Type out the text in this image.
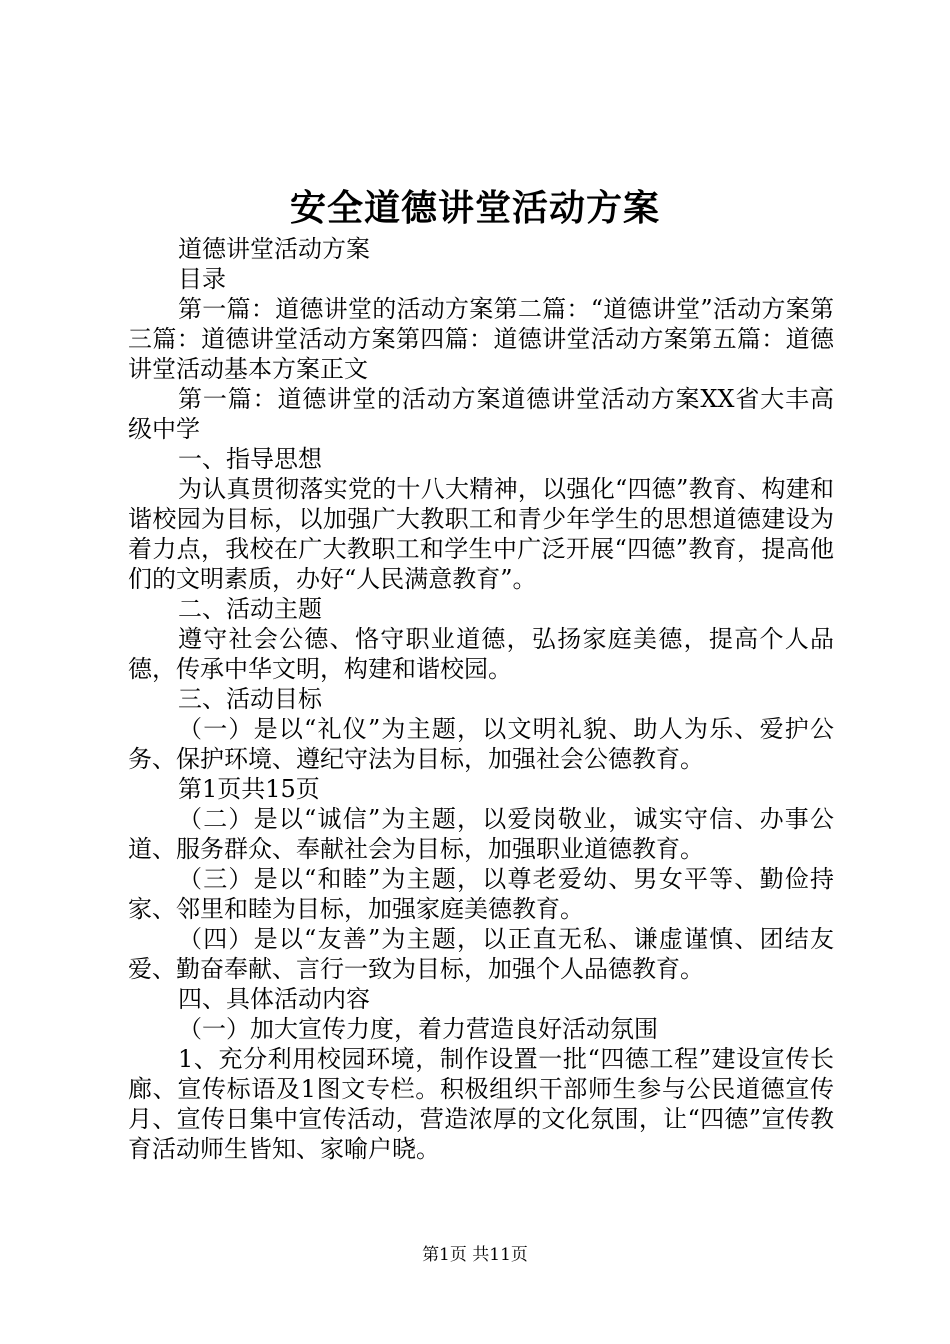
安全道德讲堂活动方案

道德讲堂活动方案

目录

第一篇：道德讲堂的活动方案第二篇：“道德讲堂”活动方案第三篇：道德讲堂活动方案第四篇：道德讲堂活动方案第五篇：道德讲堂活动基本方案正文

第一篇：道德讲堂的活动方案道德讲堂活动方案XX省大丰高级中学

一、指导思想

为认真贯彻落实党的十八大精神，以强化“四德”教育、构建和谐校园为目标，以加强广大教职工和青少年学生的思想道德建设为着力点，我校在广大教职工和学生中广泛开展“四德”教育，提高他们的文明素质，办好“人民满意教育”。

二、活动主题

遵守社会公德、恪守职业道德，弘扬家庭美德，提高个人品德，传承中华文明，构建和谐校园。

三、活动目标

（一）是以“礼仪”为主题，以文明礼貌、助人为乐、爱护公务、保护环境、遵纪守法为目标，加强社会公德教育。

第1页共15页

（二）是以“诚信”为主题，以爱岗敬业，诚实守信、办事公道、服务群众、奉献社会为目标，加强职业道德教育。

（三）是以“和睦”为主题，以尊老爱幼、男女平等、勤俭持家、邻里和睦为目标，加强家庭美德教育。

（四）是以“友善”为主题，以正直无私、谦虚谨慎、团结友爱、勤奋奉献、言行一致为目标，加强个人品德教育。

四、具体活动内容

（一）加大宣传力度，着力营造良好活动氛围

1、充分利用校园环境，制作设置一批“四德工程”建设宣传长廊、宣传标语及1图文专栏。积极组织干部师生参与公民道德宣传月、宣传日集中宣传活动，营造浓厚的文化氛围，让“四德”宣传教育活动师生皆知、家喻户晓。

第1页 共11页
